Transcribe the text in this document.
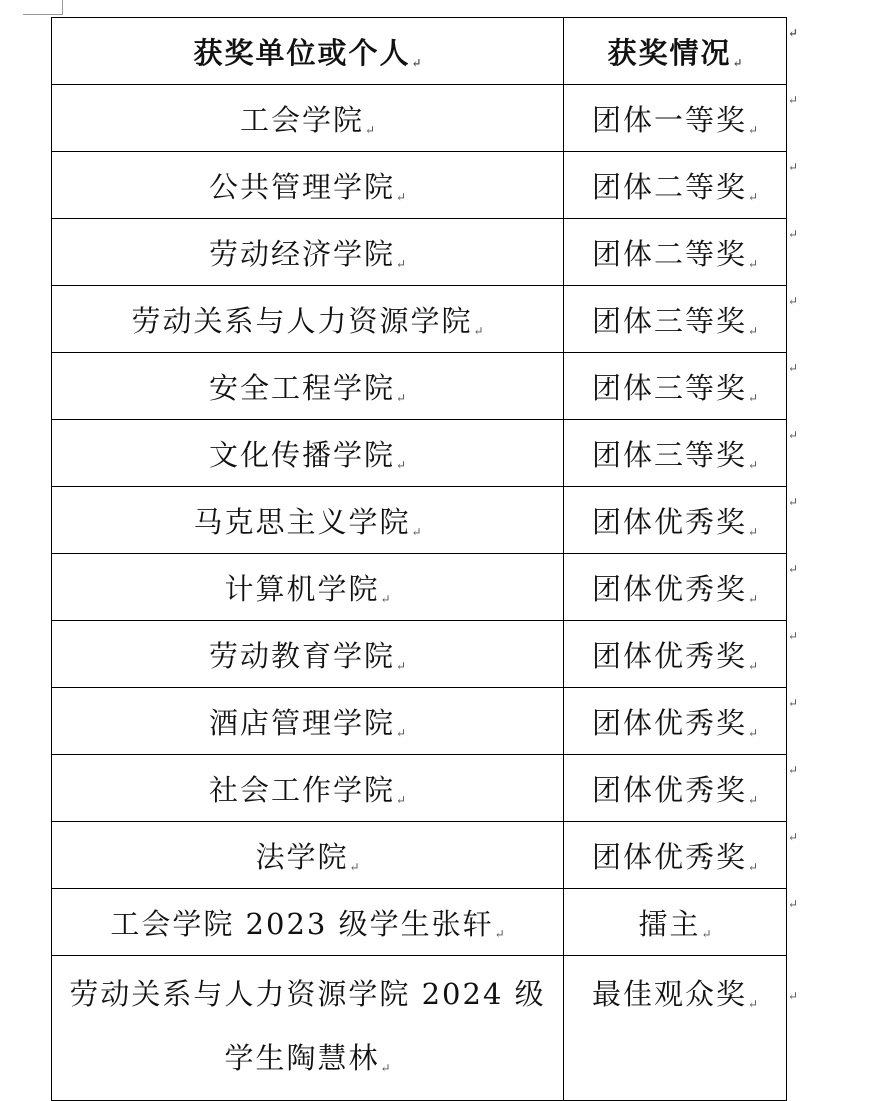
获奖单位或个人↵	获奖情况↵
↵

工会学院↵	团体一等奖↵
↵

公共管理学院↵	团体二等奖↵
↵

劳动经济学院↵	团体二等奖↵
↵

劳动关系与人力资源学院↵	团体三等奖↵
↵

安全工程学院↵	团体三等奖↵
↵

文化传播学院↵	团体三等奖↵
↵

马克思主义学院↵	团体优秀奖↵
↵

计算机学院↵	团体优秀奖↵
↵

劳动教育学院↵	团体优秀奖↵
↵

酒店管理学院↵	团体优秀奖↵
↵

社会工作学院↵	团体优秀奖↵
↵

法学院↵	团体优秀奖↵
↵

工会学院 2023 级学生张轩↵	擂主↵
↵

劳动关系与人力资源学院 2024 级学生陶慧林↵	最佳观众奖↵
↵
